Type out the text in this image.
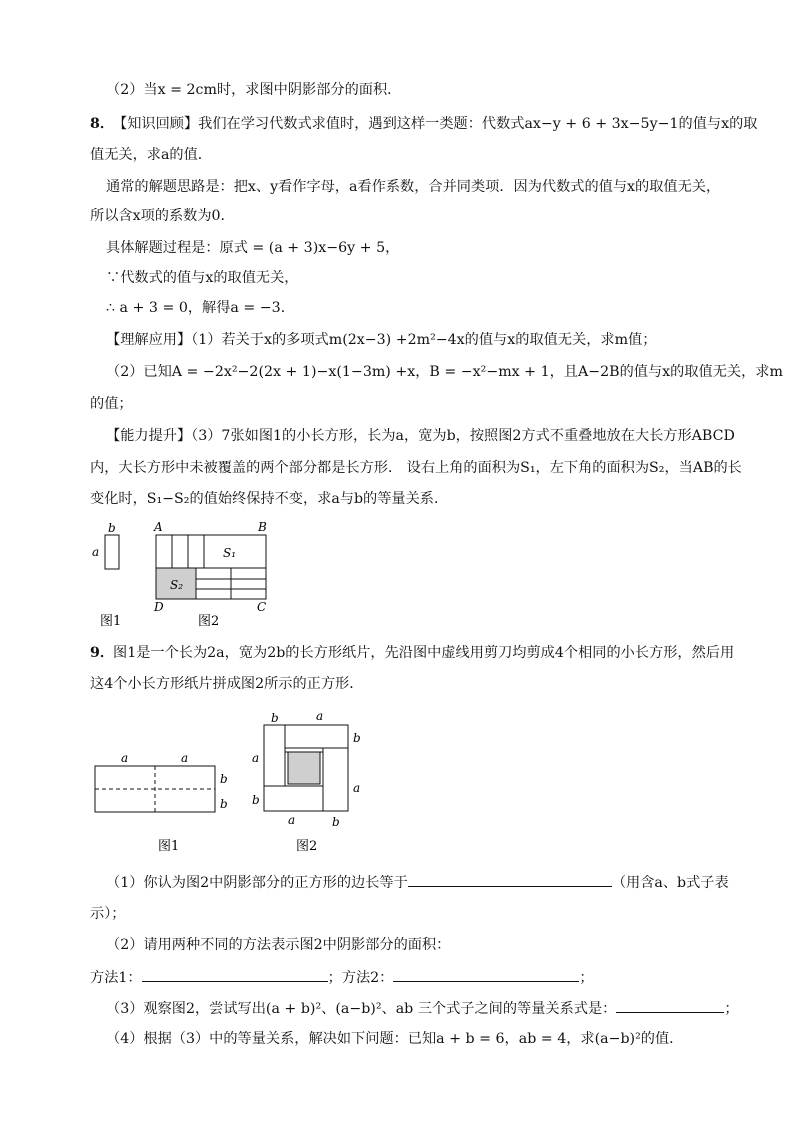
（2）当x = 2cm时，求图中阴影部分的面积．
8．
【知识回顾】我们在学习代数式求值时，遇到这样一类题：代数式ax−y + 6 + 3x−5y−1的值与x的取
值无关，求a的值．
通常的解题思路是：把x、y看作字母，a看作系数，合并同类项．因为代数式的值与x的取值无关，
所以含x项的系数为0．
具体解题过程是：原式 = (a + 3)x−6y + 5，
∵代数式的值与x的取值无关，
∴ a + 3 = 0，解得a = −3．
【理解应用】（1）若关于x的多项式m(2x−3) +2m²−4x的值与x的取值无关，求m值；
（2）已知A = −2x²−2(2x + 1)−x(1−3m) +x，B = −x²−mx + 1，且A−2B的值与x的取值无关，求m
的值；
【能力提升】（3）7张如图1的小长方形，长为a，宽为b，按照图2方式不重叠地放在大长方形ABCD
内，大长方形中未被覆盖的两个部分都是长方形． 设右上角的面积为S₁，左下角的面积为S₂，当AB的长
变化时，S₁−S₂的值始终保持不变，求a与b的等量关系．
b
a
图1
A	B
D	C
S₁
S₂
图2
9．
图1是一个长为2a，宽为2b的长方形纸片，先沿图中虚线用剪刀均剪成4个相同的小长方形，然后用
这4个小长方形纸片拼成图2所示的正方形．
a	a
b
b
图1
b	a
b
a
a
b
a	b
图2
（1）你认为图2中阴影部分的正方形的边长等于	（用含a、b式子表
示）；
（2）请用两种不同的方法表示图2中阴影部分的面积：
方法1：	；方法2：	；
（3）观察图2，尝试写出(a + b)²、(a−b)²、ab 三个式子之间的等量关系式是：	；
（4）根据（3）中的等量关系，解决如下问题：已知a + b = 6，ab = 4，求(a−b)²的值．
